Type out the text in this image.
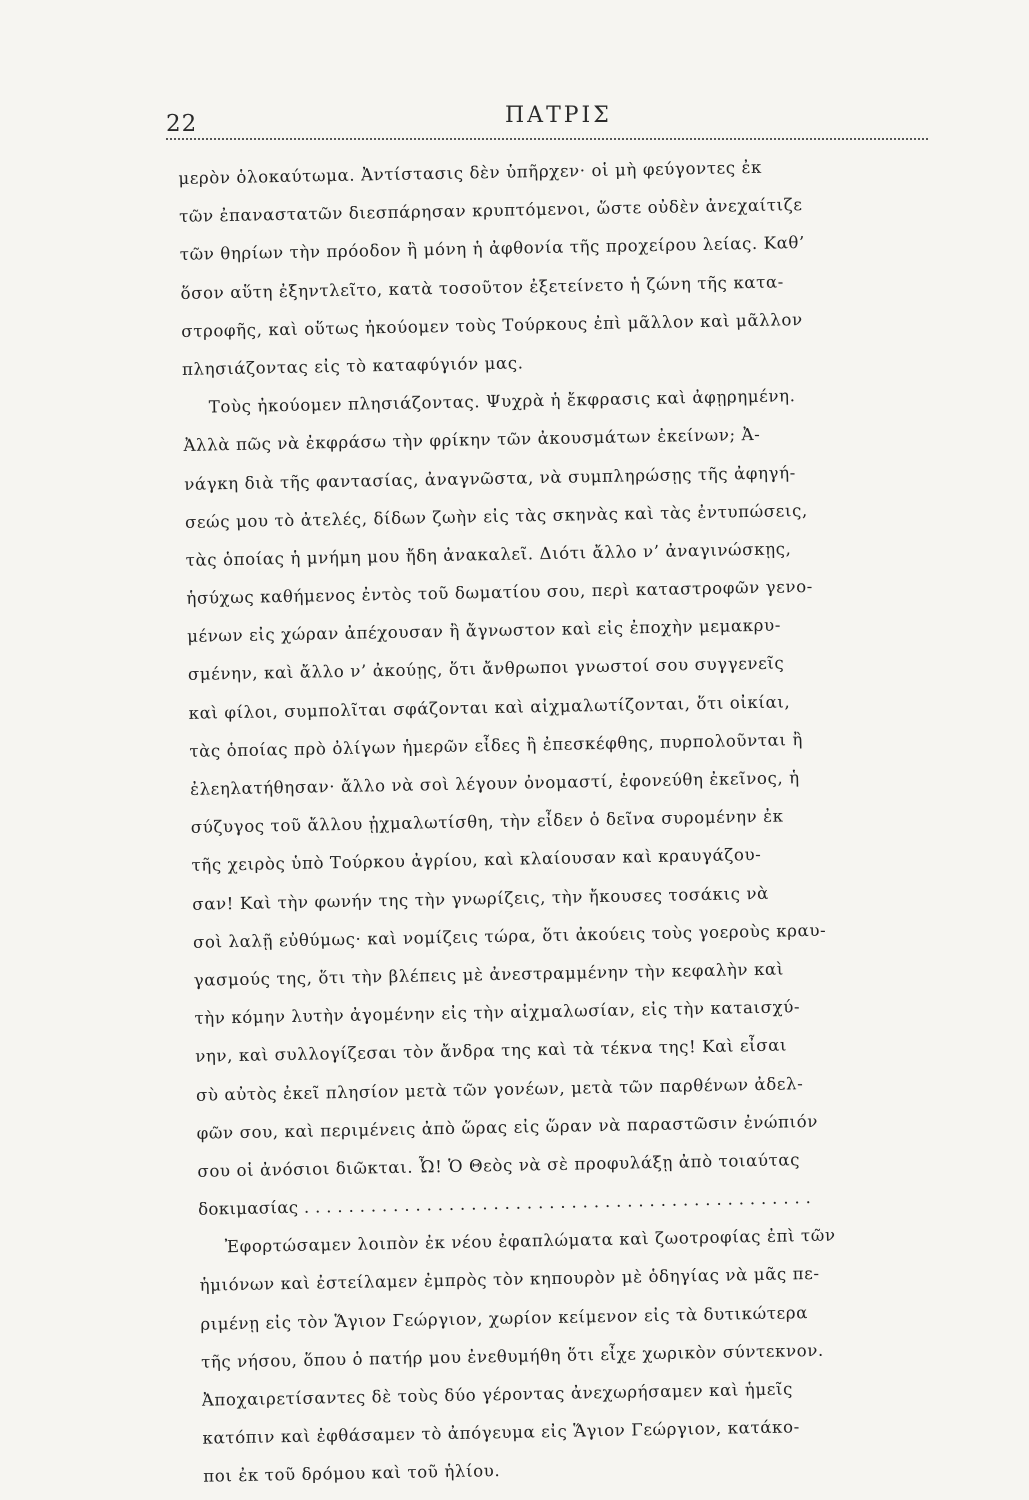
22	ΠΑΤΡΙΣ
μερὸν ὁλοκαύτωμα. Ἀντίστασις δὲν ὑπῆρχεν· οἱ μὴ φεύγοντες ἐκ
τῶν ἐπαναστατῶν διεσπάρησαν κρυπτόμενοι, ὥστε οὐδὲν ἀνεχαίτιζε
τῶν θηρίων τὴν πρόοδον ἢ μόνη ἡ ἀφθονία τῆς προχείρου λείας. Καθ’
ὅσον αὕτη ἐξηντλεῖτο, κατὰ τοσοῦτον ἐξετείνετο ἡ ζώνη τῆς κατα-
στροφῆς, καὶ οὕτως ἠκούομεν τοὺς Τούρκους ἐπὶ μᾶλλον καὶ μᾶλλον
πλησιάζοντας εἰς τὸ καταφύγιόν μας.
Τοὺς ἠκούομεν πλησιάζοντας. Ψυχρὰ ἡ ἔκφρασις καὶ ἀφῃρημένη.
Ἀλλὰ πῶς νὰ ἐκφράσω τὴν φρίκην τῶν ἀκουσμάτων ἐκείνων; Ἀ-
νάγκη διὰ τῆς φαντασίας, ἀναγνῶστα, νὰ συμπληρώσῃς τῆς ἀφηγή-
σεώς μου τὸ ἀτελές, δίδων ζωὴν εἰς τὰς σκηνὰς καὶ τὰς ἐντυπώσεις,
τὰς ὁποίας ἡ μνήμη μου ἤδη ἀνακαλεῖ. Διότι ἄλλο ν’ ἀναγινώσκῃς,
ἡσύχως καθήμενος ἐντὸς τοῦ δωματίου σου, περὶ καταστροφῶν γενο-
μένων εἰς χώραν ἀπέχουσαν ἢ ἄγνωστον καὶ εἰς ἐποχὴν μεμακρυ-
σμένην, καὶ ἄλλο ν’ ἀκούῃς, ὅτι ἄνθρωποι γνωστοί σου συγγενεῖς
καὶ φίλοι, συμπολῖται σφάζονται καὶ αἰχμαλωτίζονται, ὅτι οἰκίαι,
τὰς ὁποίας πρὸ ὀλίγων ἡμερῶν εἶδες ἢ ἐπεσκέφθης, πυρπολοῦνται ἢ
ἐλεηλατήθησαν· ἄλλο νὰ σοὶ λέγουν ὀνομαστί, ἐφονεύθη ἐκεῖνος, ἡ
σύζυγος τοῦ ἄλλου ᾐχμαλωτίσθη, τὴν εἶδεν ὁ δεῖνα συρομένην ἐκ
τῆς χειρὸς ὑπὸ Τούρκου ἀγρίου, καὶ κλαίουσαν καὶ κραυγάζου-
σαν! Καὶ τὴν φωνήν της τὴν γνωρίζεις, τὴν ἤκουσες τοσάκις νὰ
σοὶ λαλῇ εὐθύμως· καὶ νομίζεις τώρα, ὅτι ἀκούεις τοὺς γοεροὺς κραυ-
γασμούς της, ὅτι τὴν βλέπεις μὲ ἀνεστραμμένην τὴν κεφαλὴν καὶ
τὴν κόμην λυτὴν ἀγομένην εἰς τὴν αἰχμαλωσίαν, εἰς τὴν κατaισχύ-
νην, καὶ συλλογίζεσαι τὸν ἄνδρα της καὶ τὰ τέκνα της! Καὶ εἶσαι
σὺ αὐτὸς ἐκεῖ πλησίον μετὰ τῶν γονέων, μετὰ τῶν παρθένων ἀδελ-
φῶν σου, καὶ περιμένεις ἀπὸ ὥρας εἰς ὥραν νὰ παραστῶσιν ἐνώπιόν
σου οἱ ἀνόσιοι διῶκται. Ὦ! Ὁ Θεὸς νὰ σὲ προφυλάξῃ ἀπὸ τοιαύτας
δοκιμασίας . . . . . . . . . . . . . . . . . . . . . . . . . . . . . . . . . . . . . . . . . . . . . .
Ἐφορτώσαμεν λοιπὸν ἐκ νέου ἐφαπλώματα καὶ ζωοτροφίας ἐπὶ τῶν
ἡμιόνων καὶ ἐστείλαμεν ἐμπρὸς τὸν κηπουρὸν μὲ ὁδηγίας νὰ μᾶς πε-
ριμένῃ εἰς τὸν Ἅγιον Γεώργιον, χωρίον κείμενον εἰς τὰ δυτικώτερα
τῆς νήσου, ὅπου ὁ πατήρ μου ἐνεθυμήθη ὅτι εἶχε χωρικὸν σύντεκνον.
Ἀποχαιρετίσαντες δὲ τοὺς δύο γέροντας ἀνεχωρήσαμεν καὶ ἡμεῖς
κατόπιν καὶ ἐφθάσαμεν τὸ ἀπόγευμα εἰς Ἅγιον Γεώργιον, κατάκο-
ποι ἐκ τοῦ δρόμου καὶ τοῦ ἡλίου.
